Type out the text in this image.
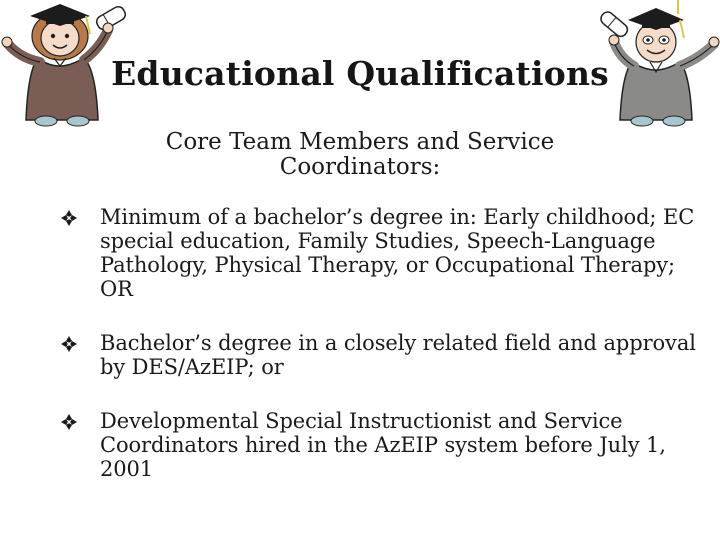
Educational Qualifications
Core Team Members and Service Coordinators:
Minimum of a bachelor’s degree in: Early childhood; EC special education, Family Studies, Speech-Language Pathology, Physical Therapy, or Occupational Therapy; OR
Bachelor’s degree in a closely related field and approval by DES/AzEIP; or
Developmental Special Instructionist and Service Coordinators hired in the AzEIP system before July 1, 2001
